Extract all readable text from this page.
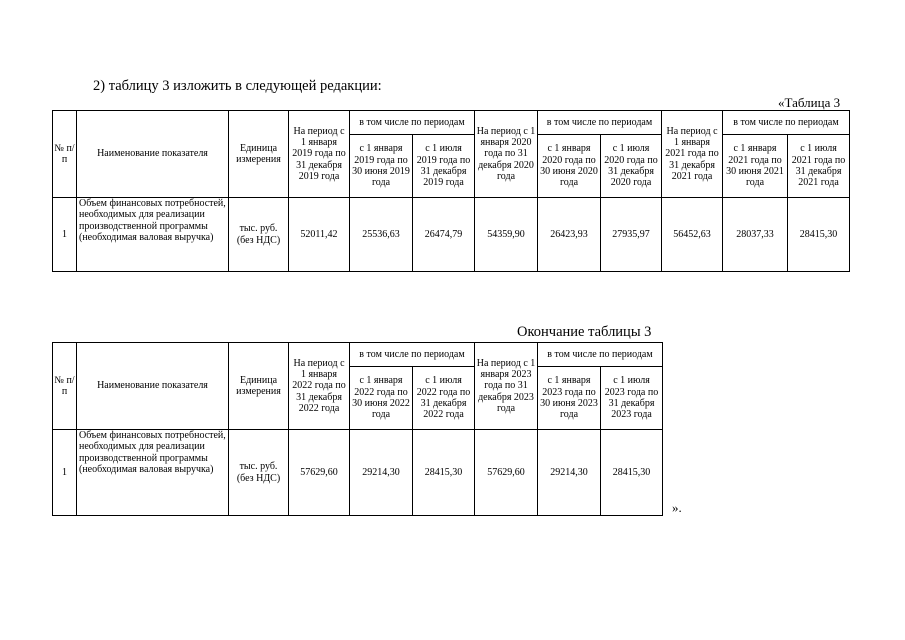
2) таблицу 3 изложить в следующей редакции:
«Таблица 3
№ п/п	Наименование показателя	Единица измерения	На период с 1 января 2019 года по 31 декабря 2019 года	в том числе по периодам		На период с 1 января 2020 года по 31 декабря 2020 года	в том числе по периодам		На период с 1 января 2021 года по 31 декабря 2021 года	в том числе по периодам	
				с 1 января 2019 года по 30 июня 2019 года	с 1 июля 2019 года по 31 декабря 2019 года		с 1 января 2020 года по 30 июня 2020 года	с 1 июля 2020 года по 31 декабря 2020 года		с 1 января 2021 года по 30 июня 2021 года	с 1 июля 2021 года по 31 декабря 2021 года
1	Объем финансовых потребностей, необходимых для реализации производственной программы (необходимая валовая выручка)	тыс. руб. (без НДС)	52011,42	25536,63	26474,79	54359,90	26423,93	27935,97	56452,63	28037,33	28415,30
Окончание таблицы 3
№ п/п	Наименование показателя	Единица измерения	На период с 1 января 2022 года по 31 декабря 2022 года	в том числе по периодам		На период с 1 января 2023 года по 31 декабря 2023 года	в том числе по периодам	
				с 1 января 2022 года по 30 июня 2022 года	с 1 июля 2022 года по 31 декабря 2022 года		с 1 января 2023 года по 30 июня 2023 года	с 1 июля 2023 года по 31 декабря 2023 года
1	Объем финансовых потребностей, необходимых для реализации производственной программы (необходимая валовая выручка)	тыс. руб. (без НДС)	57629,60	29214,30	28415,30	57629,60	29214,30	28415,30
».
